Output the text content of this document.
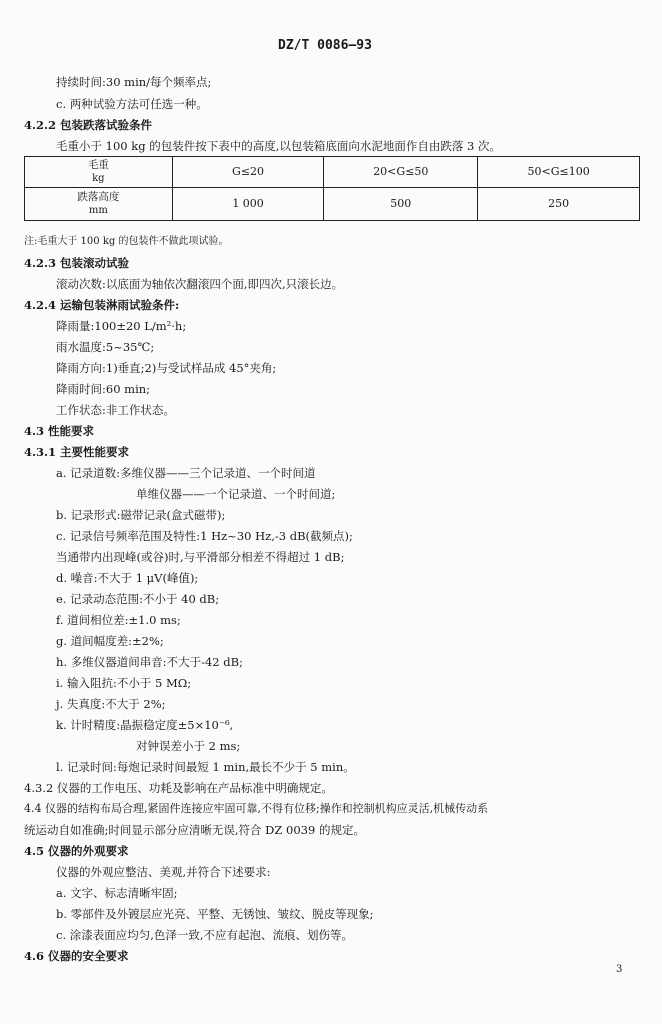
DZ/T 0086—93
持续时间:30 min/每个频率点;
c. 两种试验方法可任选一种。
4.2.2 包装跌落试验条件
毛重小于 100 kg 的包装件按下表中的高度,以包装箱底面向水泥地面作自由跌落 3 次。
毛重
kg	G≤20	20<G≤50	50<G≤100

跌落高度
mm	1 000	500	250
注:毛重大于 100 kg 的包装件不做此项试验。
4.2.3 包装滚动试验
滚动次数:以底面为轴依次翻滚四个面,即四次,只滚长边。
4.2.4 运输包装淋雨试验条件:
降雨量:100±20 L/m²·h;
雨水温度:5~35℃;
降雨方向:1)垂直;2)与受试样品成 45°夹角;
降雨时间:60 min;
工作状态:非工作状态。
4.3 性能要求
4.3.1 主要性能要求
a. 记录道数:多维仪器——三个记录道、一个时间道
单维仪器——一个记录道、一个时间道;
b. 记录形式:磁带记录(盒式磁带);
c. 记录信号频率范围及特性:1 Hz~30 Hz,-3 dB(截频点);
当通带内出现峰(或谷)时,与平滑部分相差不得超过 1 dB;
d. 噪音:不大于 1 μV(峰值);
e. 记录动态范围:不小于 40 dB;
f. 道间相位差:±1.0 ms;
g. 道间幅度差:±2%;
h. 多维仪器道间串音:不大于-42 dB;
i. 输入阻抗:不小于 5 MΩ;
j. 失真度:不大于 2%;
k. 计时精度:晶振稳定度±5×10⁻⁶,
对钟误差小于 2 ms;
l. 记录时间:每炮记录时间最短 1 min,最长不少于 5 min。
4.3.2 仪器的工作电压、功耗及影响在产品标准中明确规定。
4.4 仪器的结构布局合理,紧固件连接应牢固可靠,不得有位移;操作和控制机构应灵活,机械传动系
统运动自如准确;时间显示部分应清晰无误,符合 DZ 0039 的规定。
4.5 仪器的外观要求
仪器的外观应整洁、美观,并符合下述要求:
a. 文字、标志清晰牢固;
b. 零部件及外镀层应光亮、平整、无锈蚀、皱纹、脱皮等现象;
c. 涂漆表面应均匀,色泽一致,不应有起泡、流痕、划伤等。
4.6 仪器的安全要求
3
